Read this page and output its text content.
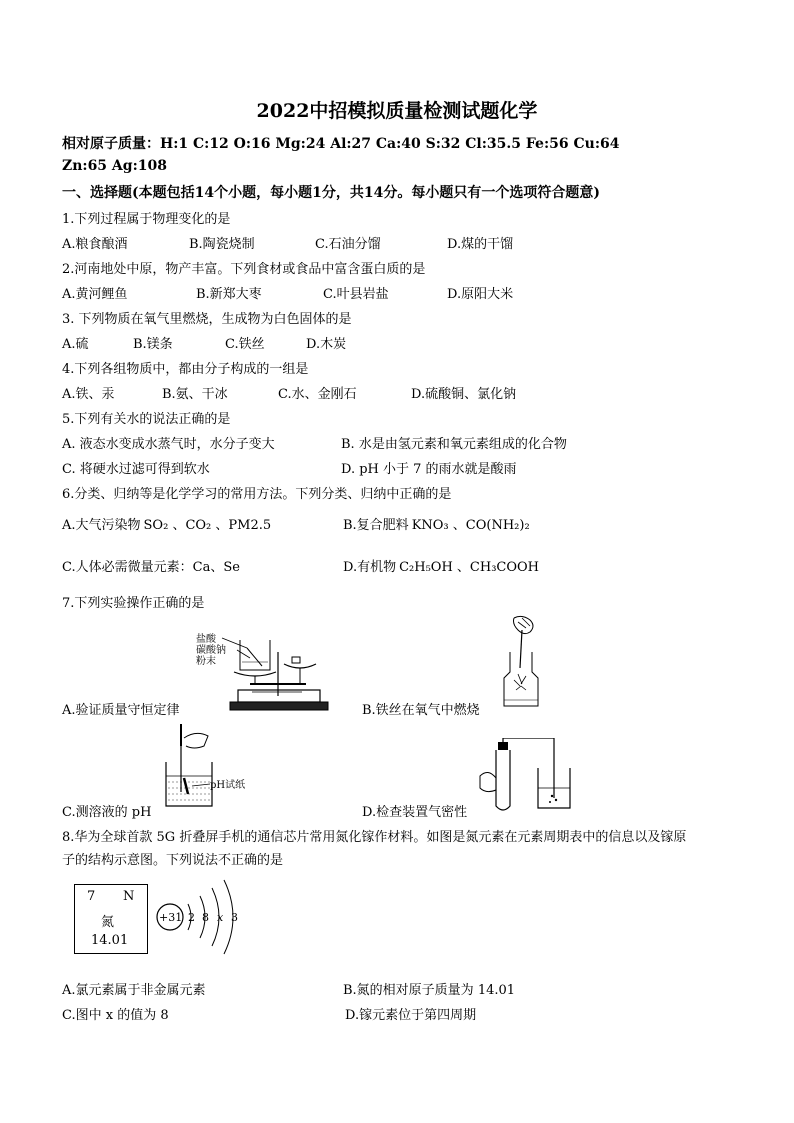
2022中招模拟质量检测试题化学
相对原子质量：H:1 C:12 O:16 Mg:24 Al:27 Ca:40 S:32 Cl:35.5 Fe:56 Cu:64
Zn:65 Ag:108
一、选择题(本题包括14个小题，每小题1分，共14分。每小题只有一个选项符合题意)
1.下列过程属于物理变化的是
A.粮食酿酒	B.陶瓷烧制	C.石油分馏	D.煤的干馏
2.河南地处中原，物产丰富。下列食材或食品中富含蛋白质的是
A.黄河鲤鱼	B.新郑大枣	C.叶县岩盐	D.原阳大米
3. 下列物质在氧气里燃烧，生成物为白色固体的是
A.硫	B.镁条	C.铁丝	D.木炭
4.下列各组物质中，都由分子构成的一组是
A.铁、汞	B.氨、干冰	C.水、金刚石	D.硫酸铜、氯化钠
5.下列有关水的说法正确的是
A. 液态水变成水蒸气时，水分子变大	B. 水是由氢元素和氧元素组成的化合物
C. 将硬水过滤可得到软水	D. pH 小于 7 的雨水就是酸雨
6.分类、归纳等是化学学习的常用方法。下列分类、归纳中正确的是
A.大气污染物 SO₂ 、CO₂ 、PM2.5	B.复合肥料 KNO₃ 、CO(NH₂)₂
C.人体必需微量元素：Ca、Se	D.有机物 C₂H₅OH 、CH₃COOH
7.下列实验操作正确的是
盐酸
碳酸钠
粉末
A.验证质量守恒定律	B.铁丝在氧气中燃烧
pH试纸
C.测溶液的 pH	D.检查装置气密性
8.华为全球首款 5G 折叠屏手机的通信芯片常用氮化镓作材料。如图是氮元素在元素周期表中的信息以及镓原
子的结构示意图。下列说法不正确的是
7 N
氮
14.01
+31 2 8 x 3
A.氯元素属于非金属元素	B.氮的相对原子质量为 14.01
C.图中 x 的值为 8	D.镓元素位于第四周期
